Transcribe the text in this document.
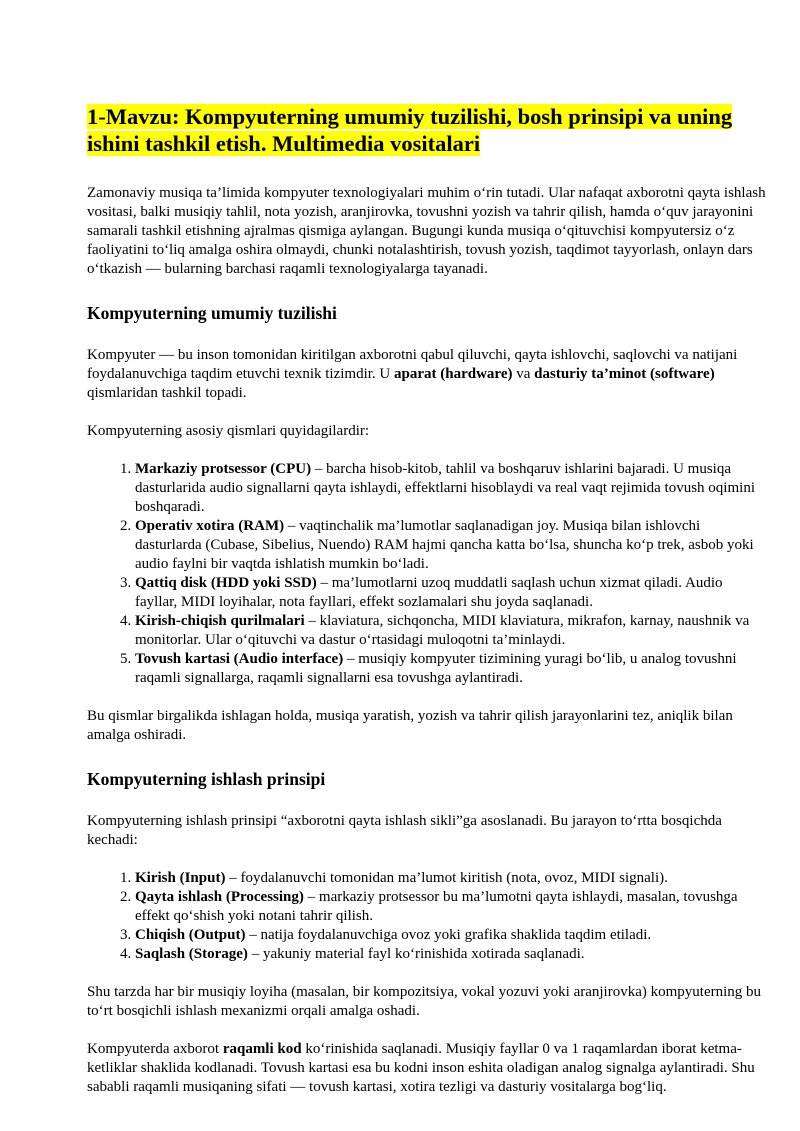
1-Mavzu: Kompyuterning umumiy tuzilishi, bosh prinsipi va uning ishini tashkil etish. Multimedia vositalari

Zamonaviy musiqa ta’limida kompyuter texnologiyalari muhim o‘rin tutadi. Ular nafaqat axborotni qayta ishlash vositasi, balki musiqiy tahlil, nota yozish, aranjirovka, tovushni yozish va tahrir qilish, hamda o‘quv jarayonini samarali tashkil etishning ajralmas qismiga aylangan. Bugungi kunda musiqa o‘qituvchisi kompyutersiz o‘z faoliyatini to‘liq amalga oshira olmaydi, chunki notalashtirish, tovush yozish, taqdimot tayyorlash, onlayn dars o‘tkazish — bularning barchasi raqamli texnologiyalarga tayanadi.

Kompyuterning umumiy tuzilishi

Kompyuter — bu inson tomonidan kiritilgan axborotni qabul qiluvchi, qayta ishlovchi, saqlovchi va natijani foydalanuvchiga taqdim etuvchi texnik tizimdir. U aparat (hardware) va dasturiy ta’minot (software) qismlaridan tashkil topadi.

Kompyuterning asosiy qismlari quyidagilardir:

1. Markaziy protsessor (CPU) – barcha hisob-kitob, tahlil va boshqaruv ishlarini bajaradi. U musiqa dasturlarida audio signallarni qayta ishlaydi, effektlarni hisoblaydi va real vaqt rejimida tovush oqimini boshqaradi.
2. Operativ xotira (RAM) – vaqtinchalik ma’lumotlar saqlanadigan joy. Musiqa bilan ishlovchi dasturlarda (Cubase, Sibelius, Nuendo) RAM hajmi qancha katta bo‘lsa, shuncha ko‘p trek, asbob yoki audio faylni bir vaqtda ishlatish mumkin bo‘ladi.
3. Qattiq disk (HDD yoki SSD) – ma’lumotlarni uzoq muddatli saqlash uchun xizmat qiladi. Audio fayllar, MIDI loyihalar, nota fayllari, effekt sozlamalari shu joyda saqlanadi.
4. Kirish-chiqish qurilmalari – klaviatura, sichqoncha, MIDI klaviatura, mikrafon, karnay, naushnik va monitorlar. Ular o‘qituvchi va dastur o‘rtasidagi muloqotni ta’minlaydi.
5. Tovush kartasi (Audio interface) – musiqiy kompyuter tizimining yuragi bo‘lib, u analog tovushni raqamli signallarga, raqamli signallarni esa tovushga aylantiradi.

Bu qismlar birgalikda ishlagan holda, musiqa yaratish, yozish va tahrir qilish jarayonlarini tez, aniqlik bilan amalga oshiradi.

Kompyuterning ishlash prinsipi

Kompyuterning ishlash prinsipi “axborotni qayta ishlash sikli”ga asoslanadi. Bu jarayon to‘rtta bosqichda kechadi:

1. Kirish (Input) – foydalanuvchi tomonidan ma’lumot kiritish (nota, ovoz, MIDI signali).
2. Qayta ishlash (Processing) – markaziy protsessor bu ma’lumotni qayta ishlaydi, masalan, tovushga effekt qo‘shish yoki notani tahrir qilish.
3. Chiqish (Output) – natija foydalanuvchiga ovoz yoki grafika shaklida taqdim etiladi.
4. Saqlash (Storage) – yakuniy material fayl ko‘rinishida xotirada saqlanadi.

Shu tarzda har bir musiqiy loyiha (masalan, bir kompozitsiya, vokal yozuvi yoki aranjirovka) kompyuterning bu to‘rt bosqichli ishlash mexanizmi orqali amalga oshadi.

Kompyuterda axborot raqamli kod ko‘rinishida saqlanadi. Musiqiy fayllar 0 va 1 raqamlardan iborat ketma-ketliklar shaklida kodlanadi. Tovush kartasi esa bu kodni inson eshita oladigan analog signalga aylantiradi. Shu sababli raqamli musiqaning sifati — tovush kartasi, xotira tezligi va dasturiy vositalarga bog‘liq.
